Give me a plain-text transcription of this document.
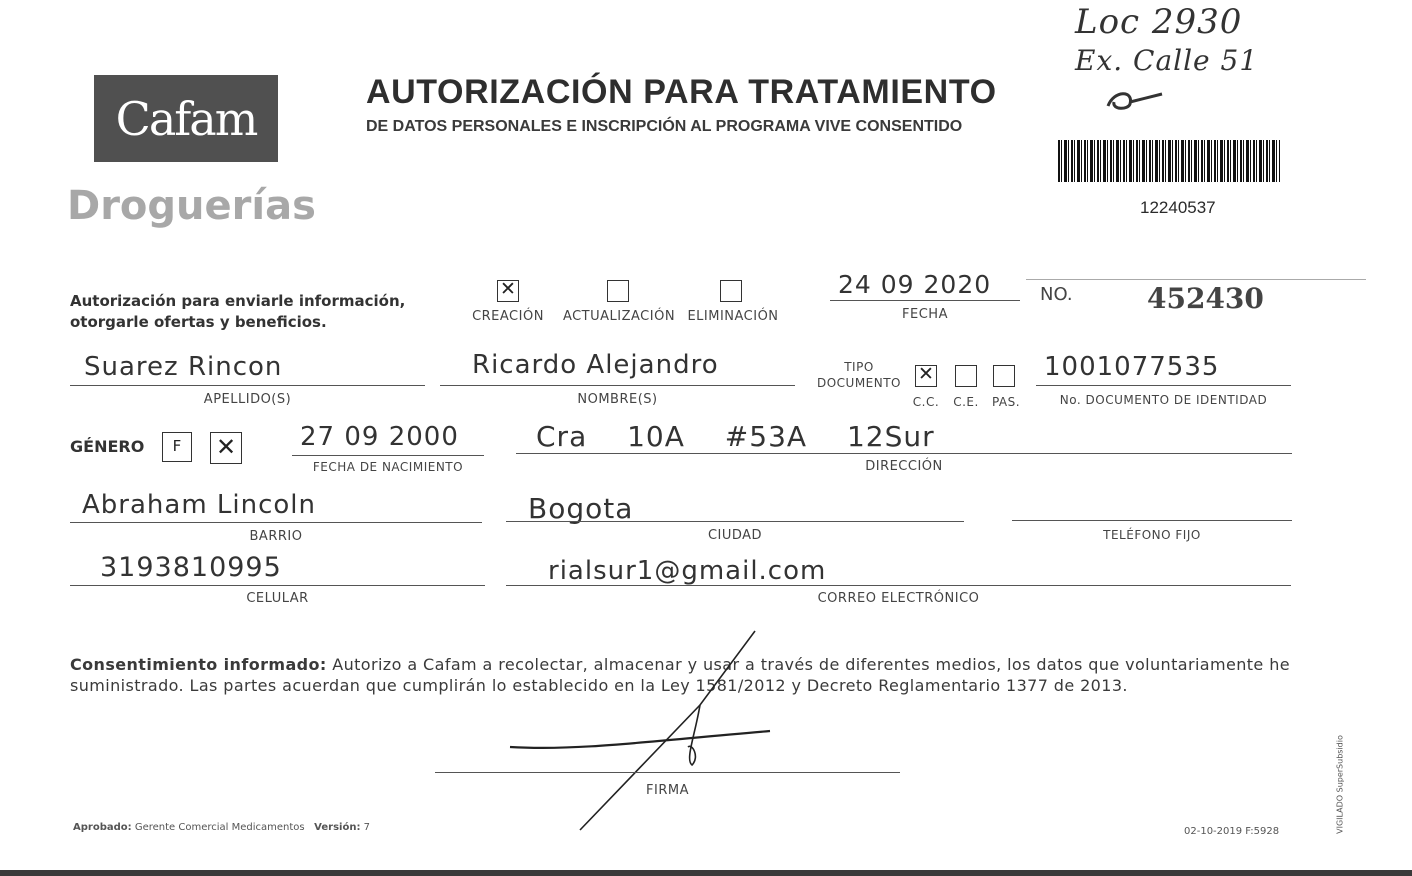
Cafam
Droguerías
AUTORIZACIÓN PARA TRATAMIENTO
DE DATOS PERSONALES E INSCRIPCIÓN AL PROGRAMA VIVE CONSENTIDO
Loc 2930
Ex. Calle 51
12240537
Autorización para enviarle información,
otorgarle ofertas y beneficios.
✕
CREACIÓN	ACTUALIZACIÓN ELIMINACIÓN
24 09 2020
FECHA
NO.	452430
Suarez Rincon
APELLIDO(S)
Ricardo Alejandro
NOMBRE(S)
TIPO
DOCUMENTO ✕
C.C.	C.E.	PAS.
1001077535
No. DOCUMENTO DE IDENTIDAD
GÉNERO	F	✕ 27 09 2000
FECHA DE NACIMIENTO
Cra 10A #53A 12Sur
DIRECCIÓN
Abraham Lincoln
BARRIO
Bogota
CIUDAD	TELÉFONO FIJO
3193810995
CELULAR
rialsur1@gmail.com
CORREO ELECTRÓNICO
Consentimiento informado: Autorizo a Cafam a recolectar, almacenar y usar a través de diferentes medios, los datos que voluntariamente he suministrado. Las partes acuerdan que cumplirán lo establecido en la Ley 1581/2012 y Decreto Reglamentario 1377 de 2013.
FIRMA
Aprobado: Gerente Comercial Medicamentos Versión: 7	02-10-2019 F:5928	VIGILADO SuperSubsidio
